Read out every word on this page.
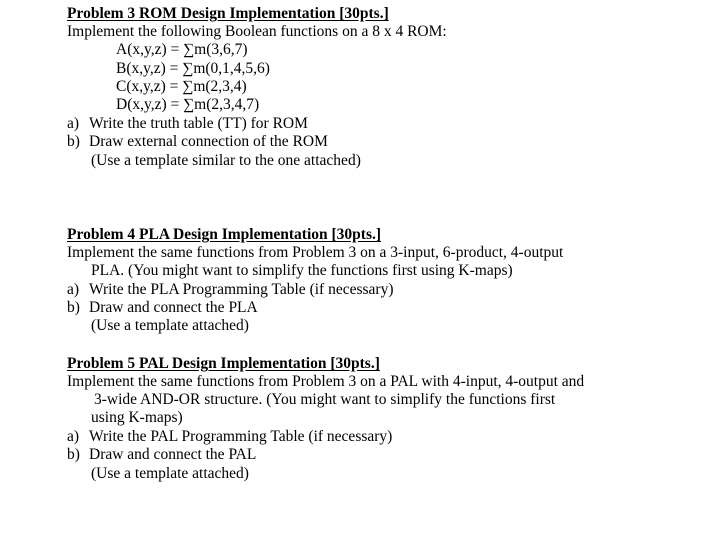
Problem 3 ROM Design Implementation [30pts.]
Implement the following Boolean functions on a 8 x 4 ROM:
A(x,y,z) = ∑m(3,6,7)
B(x,y,z) = ∑m(0,1,4,5,6)
C(x,y,z) = ∑m(2,3,4)
D(x,y,z) = ∑m(2,3,4,7)
a) Write the truth table (TT) for ROM
b) Draw external connection of the ROM
(Use a template similar to the one attached)
Problem 4 PLA Design Implementation [30pts.]
Implement the same functions from Problem 3 on a 3-input, 6-product, 4-output
PLA. (You might want to simplify the functions first using K-maps)
a) Write the PLA Programming Table (if necessary)
b) Draw and connect the PLA
(Use a template attached)
Problem 5 PAL Design Implementation [30pts.]
Implement the same functions from Problem 3 on a PAL with 4-input, 4-output and
3-wide AND-OR structure. (You might want to simplify the functions first
using K-maps)
a) Write the PAL Programming Table (if necessary)
b) Draw and connect the PAL
(Use a template attached)
